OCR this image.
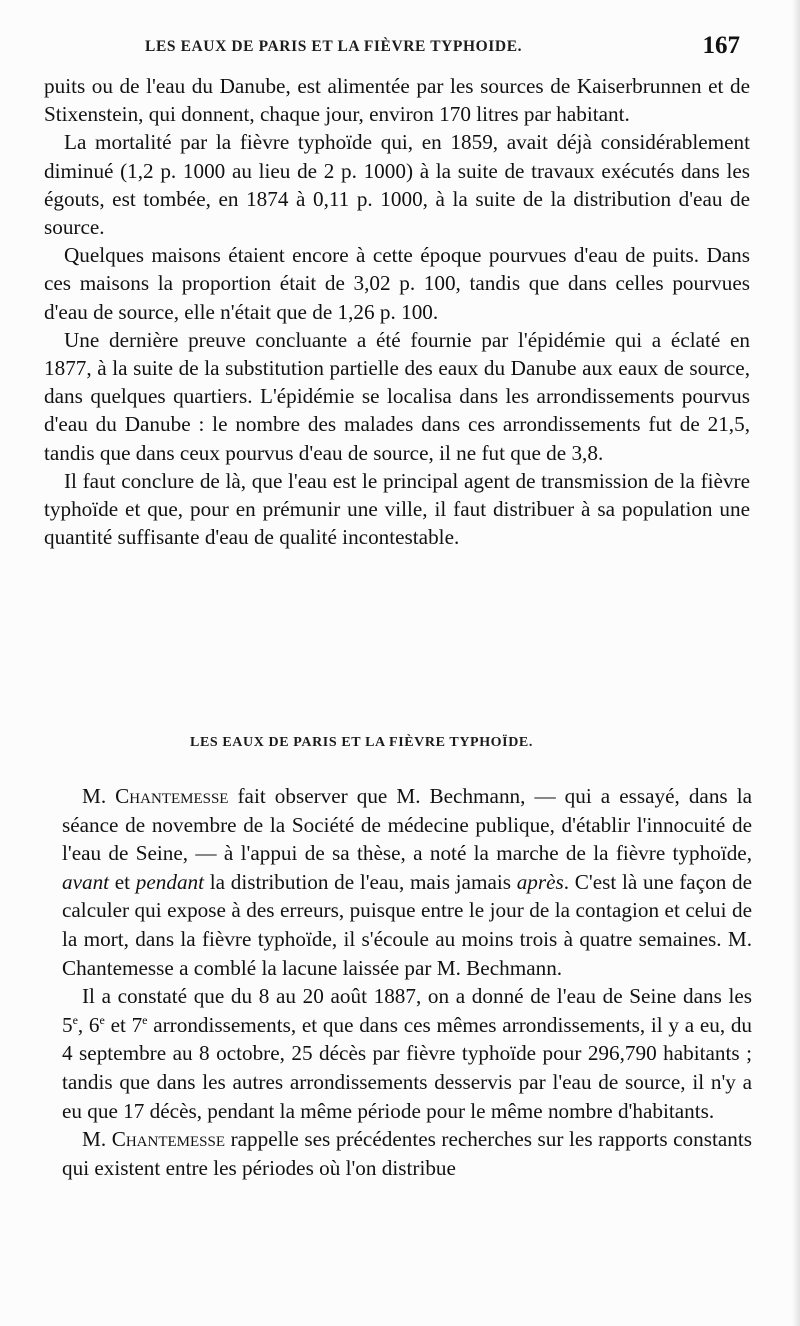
LES EAUX DE PARIS ET LA FIÈVRE TYPHOIDE.	167

puits ou de l'eau du Danube, est alimentée par les sources de Kaiserbrunnen et de Stixenstein, qui donnent, chaque jour, environ 170 litres par habitant.

La mortalité par la fièvre typhoïde qui, en 1859, avait déjà considérablement diminué (1,2 p. 1000 au lieu de 2 p. 1000) à la suite de travaux exécutés dans les égouts, est tombée, en 1874 à 0,11 p. 1000, à la suite de la distribution d'eau de source.

Quelques maisons étaient encore à cette époque pourvues d'eau de puits. Dans ces maisons la proportion était de 3,02 p. 100, tandis que dans celles pourvues d'eau de source, elle n'était que de 1,26 p. 100.

Une dernière preuve concluante a été fournie par l'épidémie qui a éclaté en 1877, à la suite de la substitution partielle des eaux du Danube aux eaux de source, dans quelques quartiers. L'épidémie se localisa dans les arrondissements pourvus d'eau du Danube : le nombre des malades dans ces arrondissements fut de 21,5, tandis que dans ceux pourvus d'eau de source, il ne fut que de 3,8.

Il faut conclure de là, que l'eau est le principal agent de transmission de la fièvre typhoïde et que, pour en prémunir une ville, il faut distribuer à sa population une quantité suffisante d'eau de qualité incontestable.

LES EAUX DE PARIS ET LA FIÈVRE TYPHOÏDE.

M. Chantemesse fait observer que M. Bechmann, — qui a essayé, dans la séance de novembre de la Société de médecine publique, d'établir l'innocuité de l'eau de Seine, — à l'appui de sa thèse, a noté la marche de la fièvre typhoïde, avant et pendant la distribution de l'eau, mais jamais après. C'est là une façon de calculer qui expose à des erreurs, puisque entre le jour de la contagion et celui de la mort, dans la fièvre typhoïde, il s'écoule au moins trois à quatre semaines. M. Chantemesse a comblé la lacune laissée par M. Bechmann.

Il a constaté que du 8 au 20 août 1887, on a donné de l'eau de Seine dans les 5e, 6e et 7e arrondissements, et que dans ces mêmes arrondissements, il y a eu, du 4 septembre au 8 octobre, 25 décès par fièvre typhoïde pour 296,790 habitants ; tandis que dans les autres arrondissements desservis par l'eau de source, il n'y a eu que 17 décès, pendant la même période pour le même nombre d'habitants.

M. Chantemesse rappelle ses précédentes recherches sur les rapports constants qui existent entre les périodes où l'on distribue
